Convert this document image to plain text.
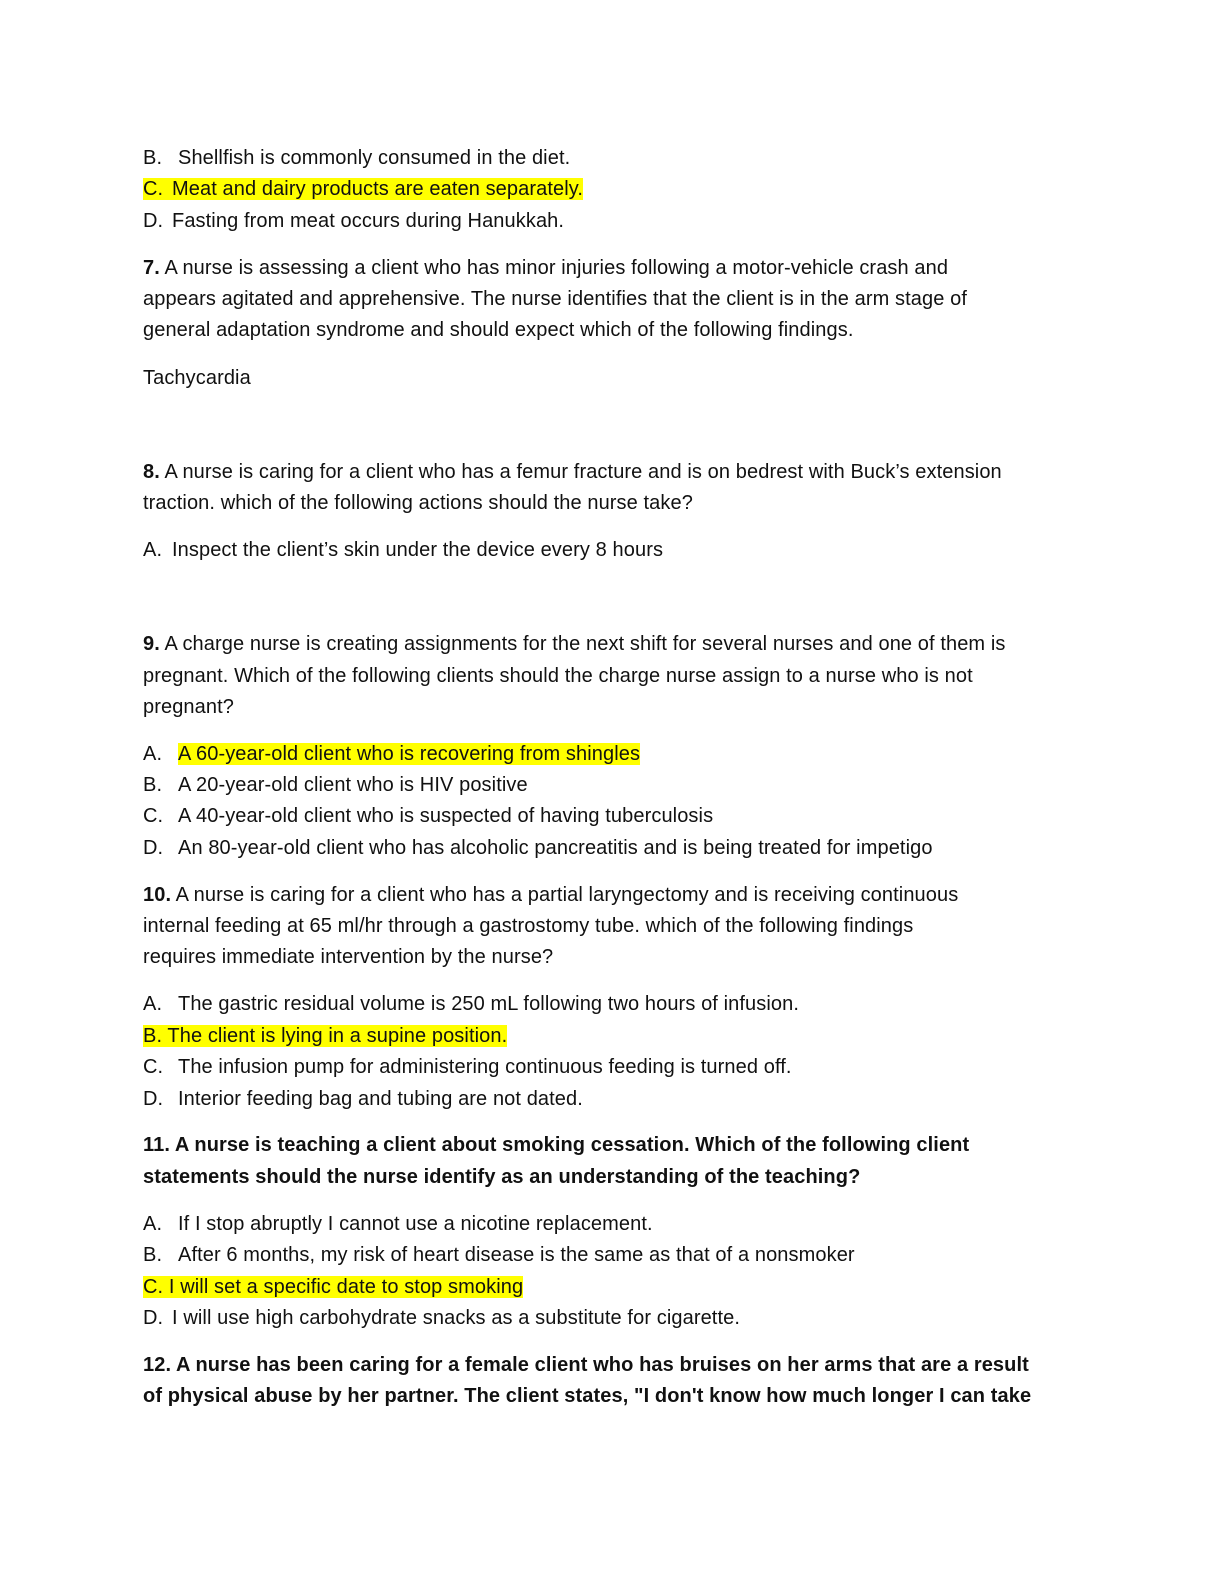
B. Shellfish is commonly consumed in the diet.
C. Meat and dairy products are eaten separately.
D. Fasting from meat occurs during Hanukkah.
7. A nurse is assessing a client who has minor injuries following a motor-vehicle crash and
appears agitated and apprehensive. The nurse identifies that the client is in the arm stage of
general adaptation syndrome and should expect which of the following findings.
Tachycardia
8. A nurse is caring for a client who has a femur fracture and is on bedrest with Buck’s extension
traction. which of the following actions should the nurse take?
A. Inspect the client’s skin under the device every 8 hours
9. A charge nurse is creating assignments for the next shift for several nurses and one of them is
pregnant. Which of the following clients should the charge nurse assign to a nurse who is not
pregnant?
A. A 60-year-old client who is recovering from shingles
B. A 20-year-old client who is HIV positive
C. A 40-year-old client who is suspected of having tuberculosis
D. An 80-year-old client who has alcoholic pancreatitis and is being treated for impetigo
10. A nurse is caring for a client who has a partial laryngectomy and is receiving continuous
internal feeding at 65 ml/hr through a gastrostomy tube. which of the following findings
requires immediate intervention by the nurse?
A. The gastric residual volume is 250 mL following two hours of infusion.
B. The client is lying in a supine position.
C. The infusion pump for administering continuous feeding is turned off.
D. Interior feeding bag and tubing are not dated.
11. A nurse is teaching a client about smoking cessation. Which of the following client
statements should the nurse identify as an understanding of the teaching?
A. If I stop abruptly I cannot use a nicotine replacement.
B. After 6 months, my risk of heart disease is the same as that of a nonsmoker
C. I will set a specific date to stop smoking
D. I will use high carbohydrate snacks as a substitute for cigarette.
12. A nurse has been caring for a female client who has bruises on her arms that are a result
of physical abuse by her partner. The client states, "I don't know how much longer I can take
